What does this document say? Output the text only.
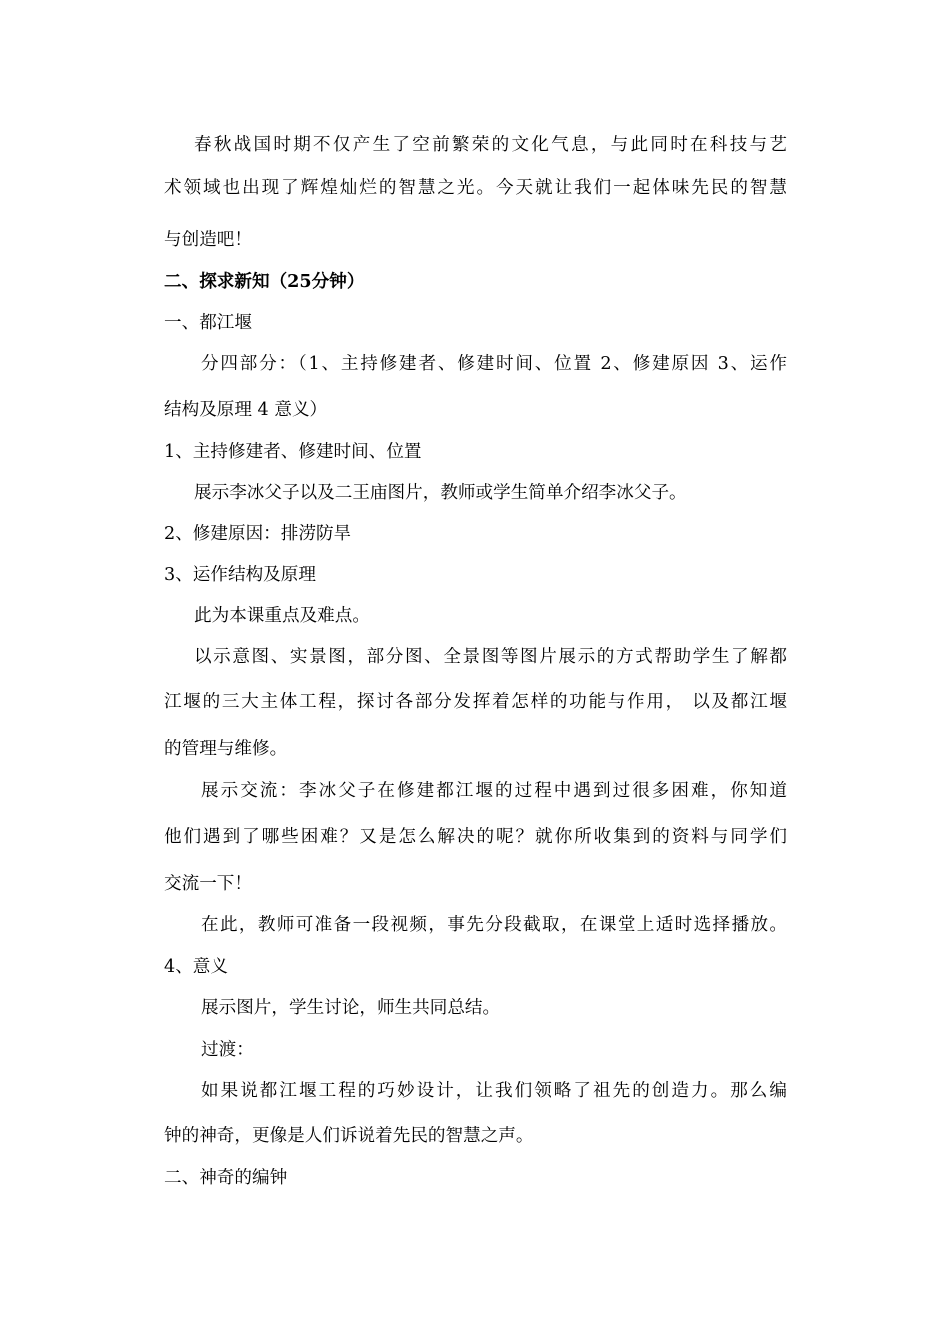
春秋战国时期不仅产生了空前繁荣的文化气息，与此同时在科技与艺
术领域也出现了辉煌灿烂的智慧之光。今天就让我们一起体味先民的智慧
与创造吧！
二、探求新知（25分钟）
一、都江堰
分四部分：（1、主持修建者、修建时间、位置 2、修建原因 3、运作
结构及原理 4 意义）
1、主持修建者、修建时间、位置
展示李冰父子以及二王庙图片，教师或学生简单介绍李冰父子。
2、修建原因：排涝防旱
3、运作结构及原理
此为本课重点及难点。
以示意图、实景图，部分图、全景图等图片展示的方式帮助学生了解都
江堰的三大主体工程，探讨各部分发挥着怎样的功能与作用， 以及都江堰
的管理与维修。
展示交流：李冰父子在修建都江堰的过程中遇到过很多困难，你知道
他们遇到了哪些困难？又是怎么解决的呢？就你所收集到的资料与同学们
交流一下！
在此，教师可准备一段视频，事先分段截取，在课堂上适时选择播放。
4、意义
展示图片，学生讨论，师生共同总结。
过渡：
如果说都江堰工程的巧妙设计，让我们领略了祖先的创造力。那么编
钟的神奇，更像是人们诉说着先民的智慧之声。
二、神奇的编钟
